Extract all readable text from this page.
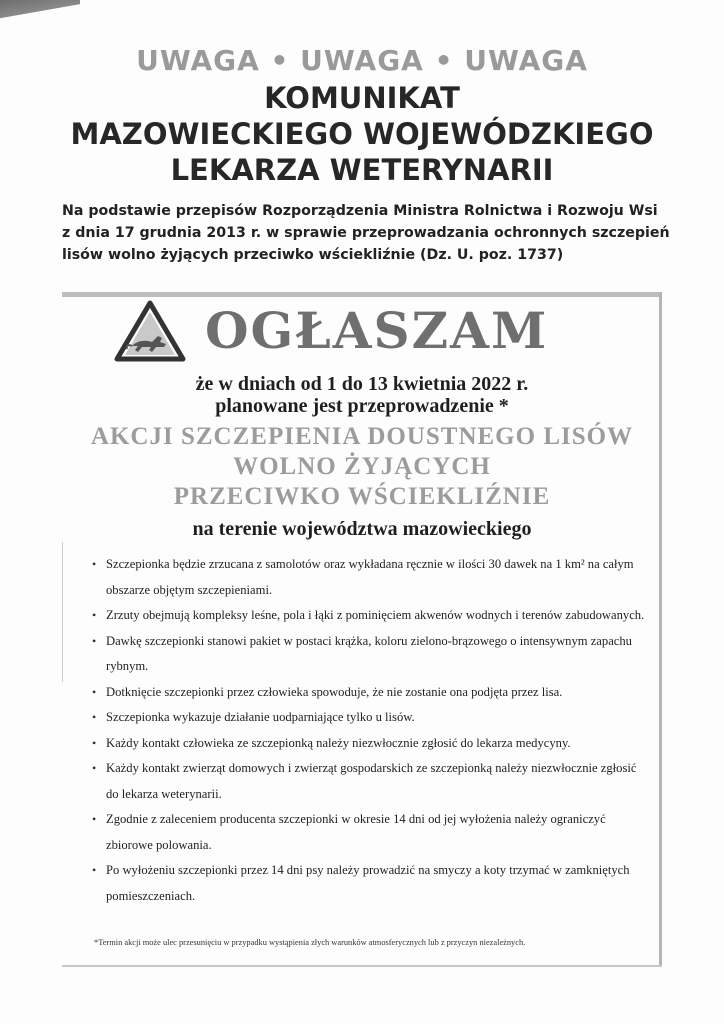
UWAGA • UWAGA • UWAGA
KOMUNIKAT
MAZOWIECKIEGO WOJEWÓDZKIEGO
LEKARZA WETERYNARII
Na podstawie przepisów Rozporządzenia Ministra Rolnictwa i Rozwoju Wsi
z dnia 17 grudnia 2013 r. w sprawie przeprowadzania ochronnych szczepień
lisów wolno żyjących przeciwko wściekliźnie (Dz. U. poz. 1737)
OGŁASZAM
że w dniach od 1 do 13 kwietnia 2022 r.
planowane jest przeprowadzenie *
AKCJI SZCZEPIENIA DOUSTNEGO LISÓW
WOLNO ŻYJĄCYCH
PRZECIWKO WŚCIEKLIŹNIE
na terenie województwa mazowieckiego
• Szczepionka będzie zrzucana z samolotów oraz wykładana ręcznie w ilości 30 dawek na 1 km² na całym obszarze objętym szczepieniami.
• Zrzuty obejmują kompleksy leśne, pola i łąki z pominięciem akwenów wodnych i terenów zabudowanych.
• Dawkę szczepionki stanowi pakiet w postaci krążka, koloru zielono-brązowego o intensywnym zapachu rybnym.
• Dotknięcie szczepionki przez człowieka spowoduje, że nie zostanie ona podjęta przez lisa.
• Szczepionka wykazuje działanie uodparniające tylko u lisów.
• Każdy kontakt człowieka ze szczepionką należy niezwłocznie zgłosić do lekarza medycyny.
• Każdy kontakt zwierząt domowych i zwierząt gospodarskich ze szczepionką należy niezwłocznie zgłosić do lekarza weterynarii.
• Zgodnie z zaleceniem producenta szczepionki w okresie 14 dni od jej wyłożenia należy ograniczyć zbiorowe polowania.
• Po wyłożeniu szczepionki przez 14 dni psy należy prowadzić na smyczy a koty trzymać w zamkniętych pomieszczeniach.
*Termin akcji może ulec przesunięciu w przypadku wystąpienia złych warunków atmosferycznych lub z przyczyn niezależnych.
